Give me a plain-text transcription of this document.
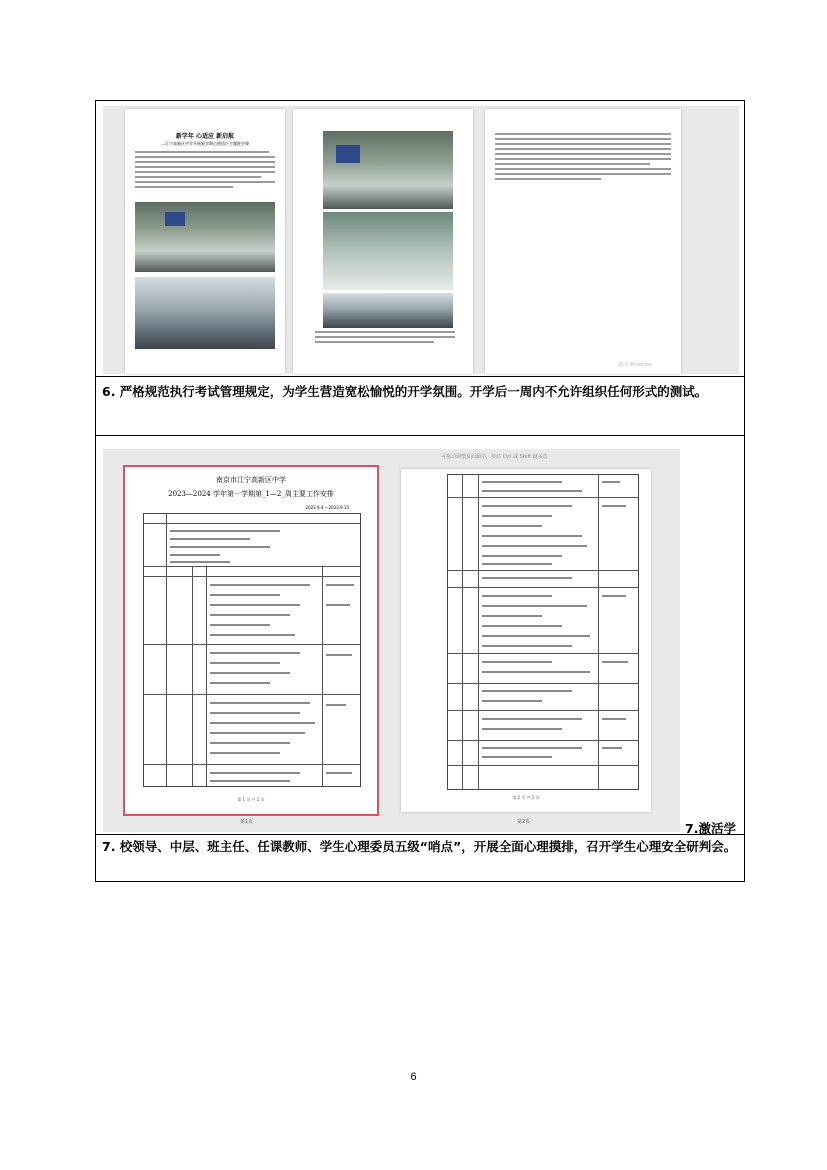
新学年 心适应 新启航
—江宁高新区中学开展新学期心理适应主题班会课
激活 Windows
6. 严格规范执行考试管理规定，为学生营造宽松愉悦的开学氛围。开学后一周内不允许组织任何形式的测试。
可拖动调整页面顺序，按住 Ctrl 或 Shift 键多选
南京市江宁高新区中学
2023—2024 学年第一学期第_1—2_周主要工作安排
2023.9.4 —2023.9.10
第 1 页 共 2 页
第1页
第 2 页 共 2 页
第2页	7.激活学
7. 校领导、中层、班主任、任课教师、学生心理委员五级“哨点”，开展全面心理摸排，召开学生心理安全研判会。
6
